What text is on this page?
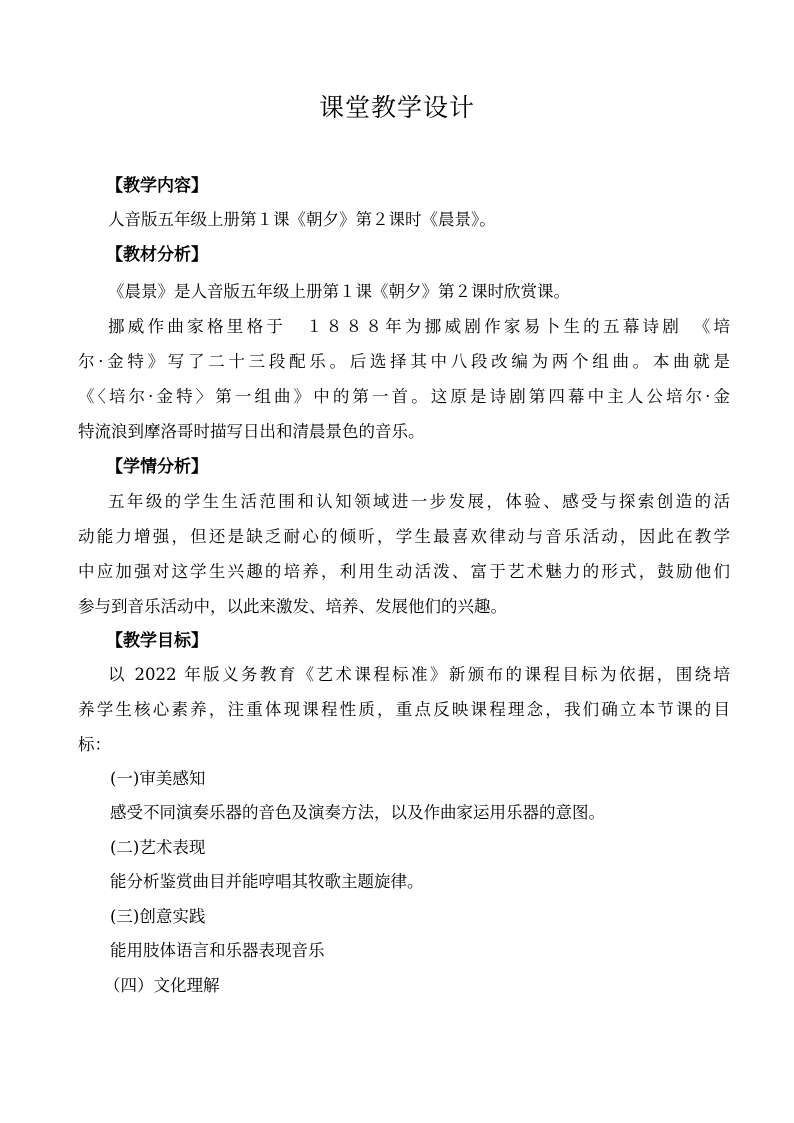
课堂教学设计
【教学内容】
人音版五年级上册第１课《朝夕》第２课时《晨景》。
【教材分析】
《晨景》是人音版五年级上册第１课《朝夕》第２课时欣赏课。
挪威作曲家格里格于　１８８８年为挪威剧作家易卜生的五幕诗剧　《培
尔·金特》写了二十三段配乐。后选择其中八段改编为两个组曲。本曲就是
《〈培尔·金特〉第一组曲》中的第一首。这原是诗剧第四幕中主人公培尔·金
特流浪到摩洛哥时描写日出和清晨景色的音乐。
【学情分析】
五年级的学生生活范围和认知领域进一步发展，体验、感受与探索创造的活
动能力增强，但还是缺乏耐心的倾听，学生最喜欢律动与音乐活动，因此在教学
中应加强对这学生兴趣的培养，利用生动活泼、富于艺术魅力的形式，鼓励他们
参与到音乐活动中，以此来激发、培养、发展他们的兴趣。
【教学目标】
以 2022 年版义务教育《艺术课程标准》新颁布的课程目标为依据，围绕培
养学生核心素养，注重体现课程性质，重点反映课程理念，我们确立本节课的目
标：
(一)审美感知
感受不同演奏乐器的音色及演奏方法，以及作曲家运用乐器的意图。
(二)艺术表现
能分析鉴赏曲目并能哼唱其牧歌主题旋律。
(三)创意实践
能用肢体语言和乐器表现音乐
（四）文化理解
